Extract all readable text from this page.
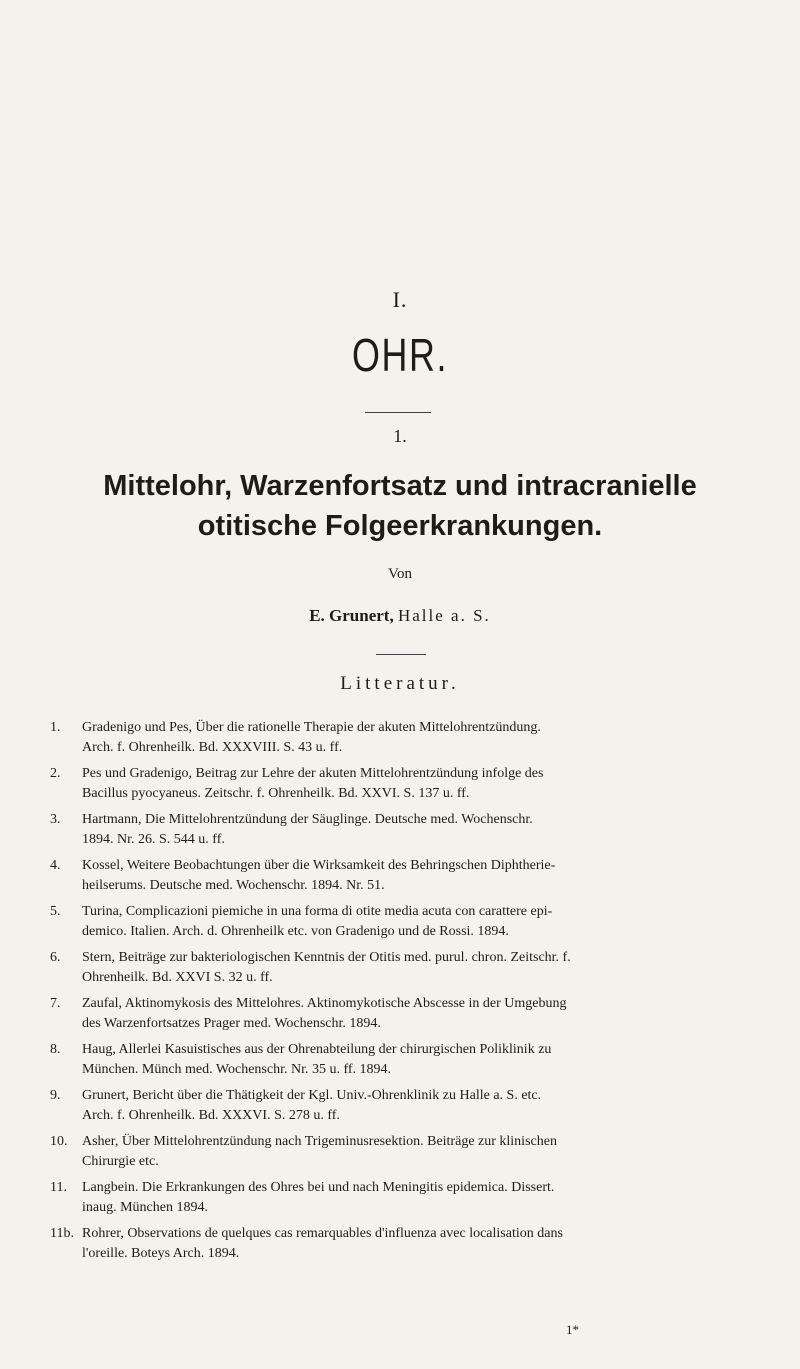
I.
OHR.
1.
Mittelohr, Warzenfortsatz und intracranielle
otitische Folgeerkrankungen.
Von
E. Grunert, Halle a. S.
Litteratur.
1.	Gradenigo und Pes, Über die rationelle Therapie der akuten Mittelohrentzündung.
Arch. f. Ohrenheilk. Bd. XXXVIII. S. 43 u. ff.
2.	Pes und Gradenigo, Beitrag zur Lehre der akuten Mittelohrentzündung infolge des
Bacillus pyocyaneus. Zeitschr. f. Ohrenheilk. Bd. XXVI. S. 137 u. ff.
3.	Hartmann, Die Mittelohrentzündung der Säuglinge. Deutsche med. Wochenschr.
1894. Nr. 26. S. 544 u. ff.
4.	Kossel, Weitere Beobachtungen über die Wirksamkeit des Behringschen Diphtherie-
heilserums. Deutsche med. Wochenschr. 1894. Nr. 51.
5.	Turina, Complicazioni piemiche in una forma di otite media acuta con carattere epi-
demico. Italien. Arch. d. Ohrenheilk etc. von Gradenigo und de Rossi. 1894.
6.	Stern, Beiträge zur bakteriologischen Kenntnis der Otitis med. purul. chron. Zeitschr. f.
Ohrenheilk. Bd. XXVI S. 32 u. ff.
7.	Zaufal, Aktinomykosis des Mittelohres. Aktinomykotische Abscesse in der Umgebung
des Warzenfortsatzes Prager med. Wochenschr. 1894.
8.	Haug, Allerlei Kasuistisches aus der Ohrenabteilung der chirurgischen Poliklinik zu
München. Münch med. Wochenschr. Nr. 35 u. ff. 1894.
9.	Grunert, Bericht über die Thätigkeit der Kgl. Univ.-Ohrenklinik zu Halle a. S. etc.
Arch. f. Ohrenheilk. Bd. XXXVI. S. 278 u. ff.
10.	Asher, Über Mittelohrentzündung nach Trigeminusresektion. Beiträge zur klinischen
Chirurgie etc.
11.	Langbein. Die Erkrankungen des Ohres bei und nach Meningitis epidemica. Dissert.
inaug. München 1894.
11b. Rohrer, Observations de quelques cas remarquables d'influenza avec localisation dans
l'oreille. Boteys Arch. 1894.
1*
